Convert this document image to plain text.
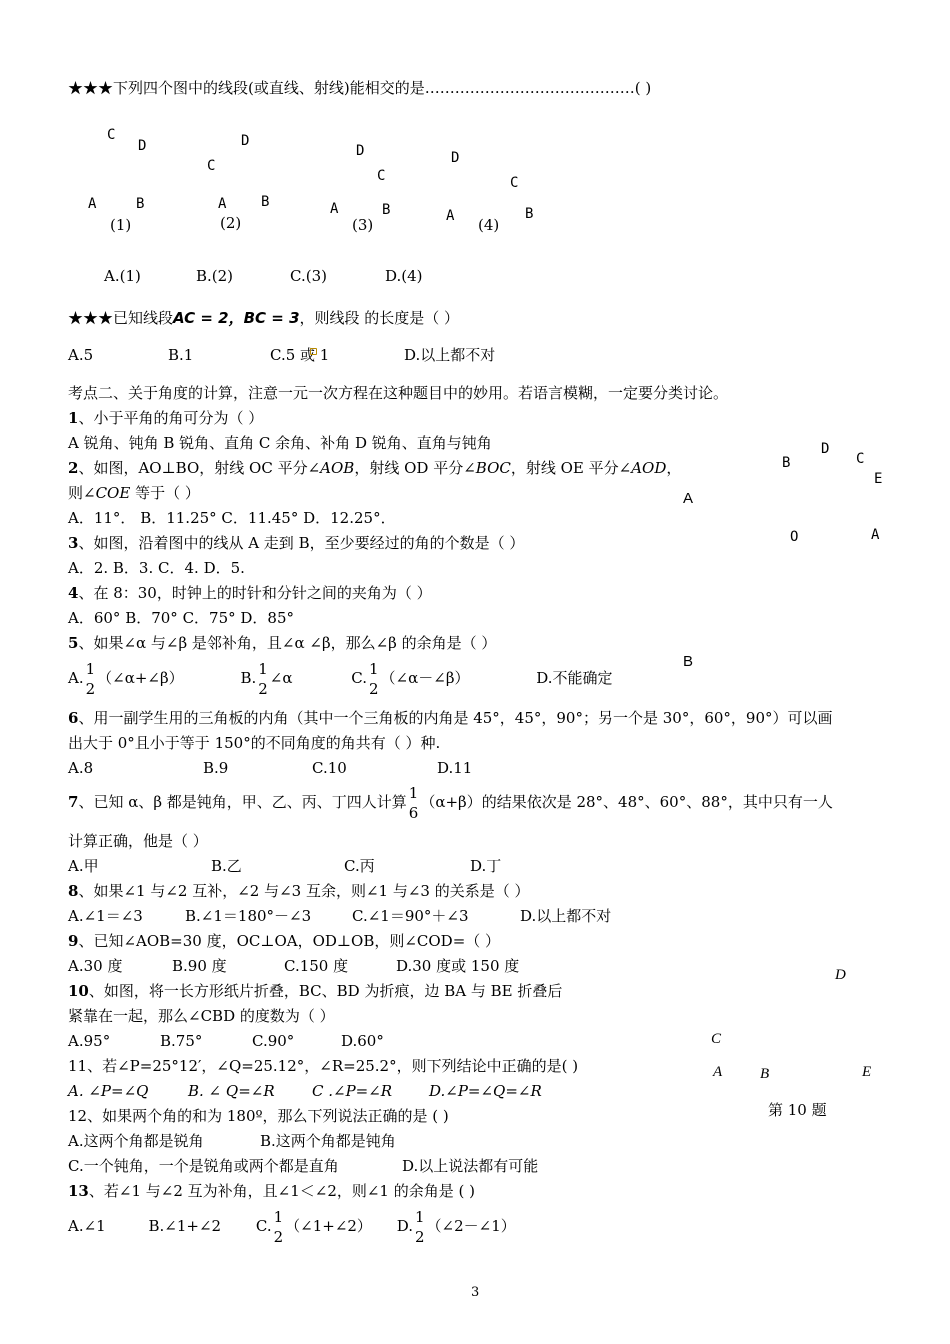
★★★下列四个图中的线段(或直线、射线)能相交的是……………………………………( )
C
D
A	B
(1)
D
C
A B
(2)
D
C
A	B
(3)
D
C
A	B
(4)
A.(1)	B.(2)	C.(3)	D.(4)
★★★已知线段AC = 2，BC = 3，则线段 的长度是（ ）
A.5	B.1	C.5 或 1	D.以上都不对
考点二、关于角度的计算，注意一元一次方程在这种题目中的妙用。若语言模糊，一定要分类讨论。
1、小于平角的角可分为（ ）
A 锐角、钝角 B 锐角、直角 C 余角、补角 D 锐角、直角与钝角
2、如图，AO⊥BO，射线 OC 平分∠AOB，射线 OD 平分∠BOC，射线 OE 平分∠AOD，
则∠COE 等于（ ）
A．11°． B．11.25° C．11.45° D．12.25°．
D
C
B
E
A
O	A
3、如图，沿着图中的线从 A 走到 B，至少要经过的角的个数是（ ）
A．2. B．3. C．4. D．5.
4、在 8：30，时钟上的时针和分针之间的夹角为（ ）
A．60° B．70° C．75° D．85°
5、如果∠α 与∠β 是邻补角，且∠α ∠β，那么∠β 的余角是（ ）
B
A. 1
2
（∠α+∠β）	B. 1
2
∠α	C. 1
2
（∠α－∠β）	D.不能确定
6、用一副学生用的三角板的内角（其中一个三角板的内角是 45°，45°，90°；另一个是 30°，60°，90°）可以画
出大于 0°且小于等于 150°的不同角度的角共有（ ）种.
A.8	B.9	C.10	D.11
7、已知 α、β 都是钝角，甲、乙、丙、丁四人计算 1
6
（α+β）的结果依次是 28°、48°、60°、88°，其中只有一人
计算正确，他是（ ）
A.甲	B.乙	C.丙	D.丁
8、如果∠1 与∠2 互补，∠2 与∠3 互余，则∠1 与∠3 的关系是（ ）
A.∠1＝∠3	B.∠1＝180°－∠3	C.∠1＝90°＋∠3	D.以上都不对
9、已知∠AOB=30 度，OC⊥OA，OD⊥OB，则∠COD=（ ）
A.30 度	B.90 度	C.150 度	D.30 度或 150 度
10、如图，将一长方形纸片折叠，BC、BD 为折痕，边 BA 与 BE 折叠后
紧靠在一起，那么∠CBD 的度数为（ ）
A.95°	B.75°	C.90°	D.60°
D
C
A	B	E
第 10 题
11、若∠P=25°12′，∠Q=25.12°，∠R=25.2°，则下列结论中正确的是( )
A. ∠P=∠Q	B. ∠ Q=∠R C .∠P=∠R D.∠P=∠Q=∠R
12、如果两个角的和为 180º，那么下列说法正确的是 ( )
A.这两个角都是锐角	B.这两个角都是钝角
C.一个钝角，一个是锐角或两个都是直角	D.以上说法都有可能
13、若∠1 与∠2 互为补角，且∠1＜∠2，则∠1 的余角是 ( )
A.∠1	B.∠1+∠2 C. 1
2
（∠1+∠2） D. 1
2
（∠2－∠1）
3
